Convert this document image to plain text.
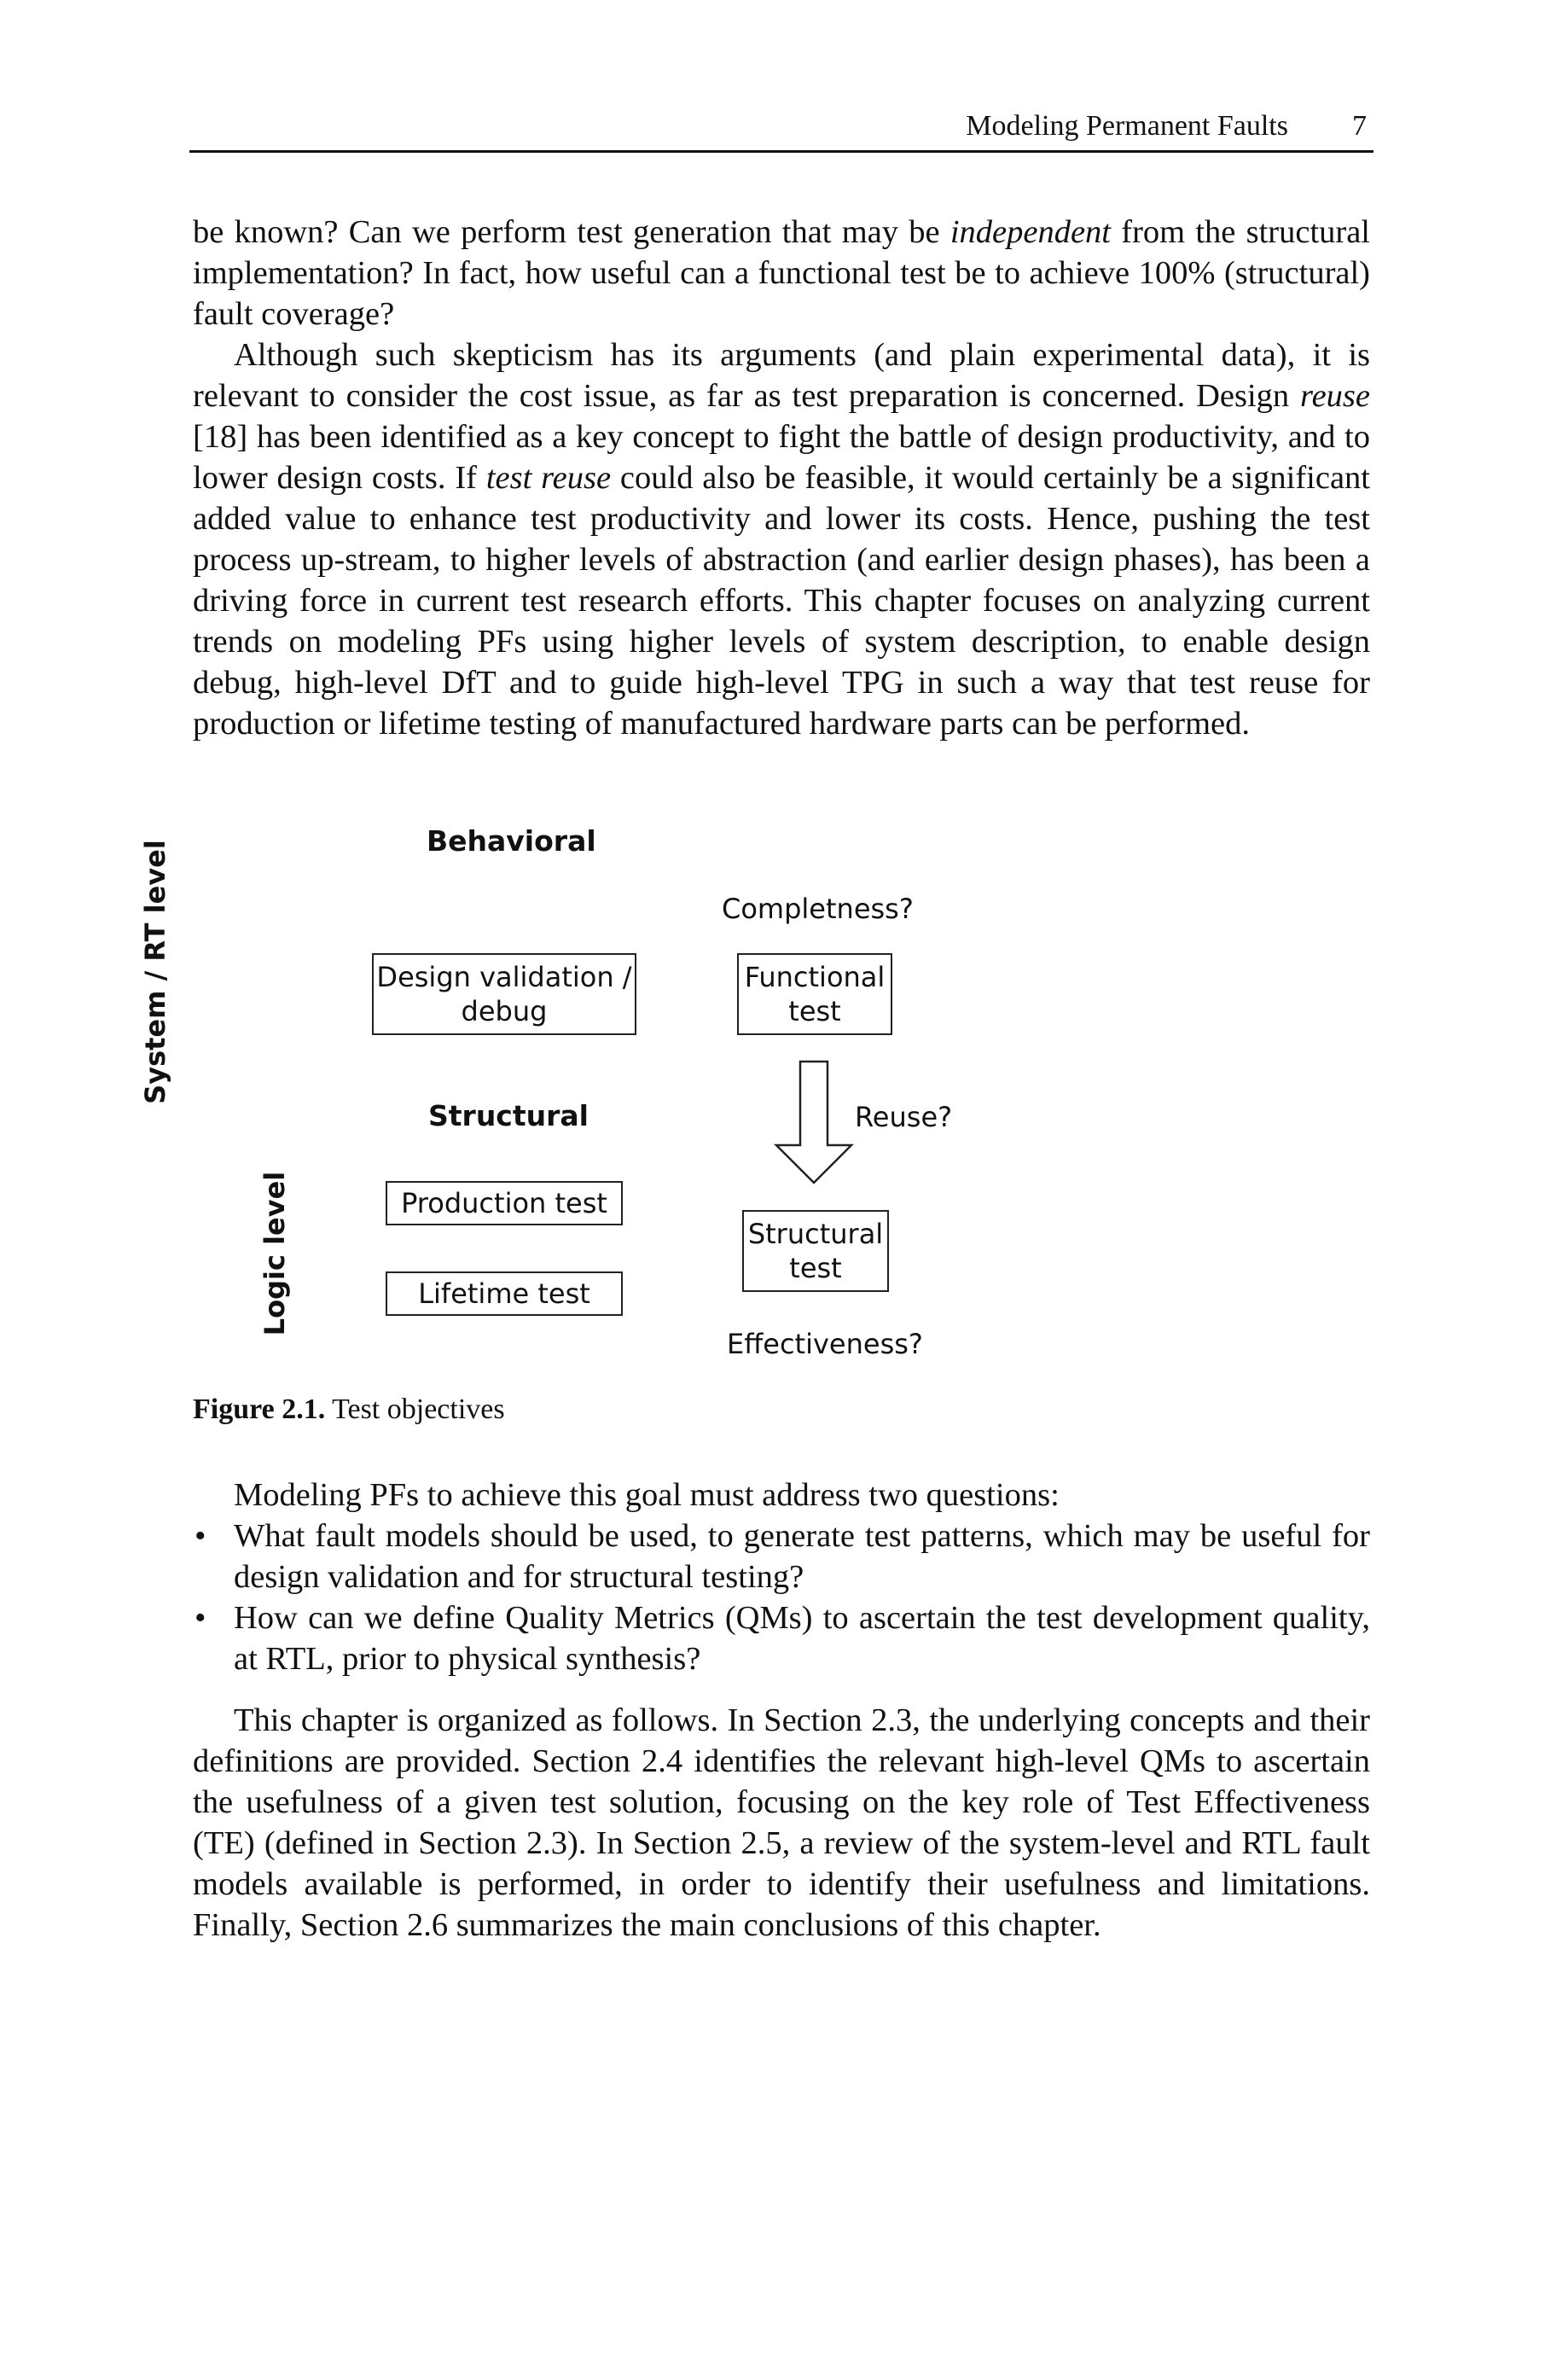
Modeling Permanent Faults 7

be known? Can we perform test generation that may be independent from the structural implementation? In fact, how useful can a functional test be to achieve 100% (structural) fault coverage?

Although such skepticism has its arguments (and plain experimental data), it is relevant to consider the cost issue, as far as test preparation is concerned. Design reuse [18] has been identified as a key concept to fight the battle of design productivity, and to lower design costs. If test reuse could also be feasible, it would certainly be a significant added value to enhance test productivity and lower its costs. Hence, pushing the test process up-stream, to higher levels of abstraction (and earlier design phases), has been a driving force in current test research efforts. This chapter focuses on analyzing current trends on modeling PFs using higher levels of system description, to enable design debug, high-level DfT and to guide high-level TPG in such a way that test reuse for production or lifetime testing of manufactured hardware parts can be performed.

System / RT level
Logic level
Behavioral
Structural
Design validation /
debug
Production test
Lifetime test
Completness?
Functional
test
Reuse?
Structural
test
Effectiveness?
Figure 2.1. Test objectives

Modeling PFs to achieve this goal must address two questions:

• What fault models should be used, to generate test patterns, which may be useful for design validation and for structural testing?
• How can we define Quality Metrics (QMs) to ascertain the test development quality, at RTL, prior to physical synthesis?

This chapter is organized as follows. In Section 2.3, the underlying concepts and their definitions are provided. Section 2.4 identifies the relevant high-level QMs to ascertain the usefulness of a given test solution, focusing on the key role of Test Effectiveness (TE) (defined in Section 2.3). In Section 2.5, a review of the system-level and RTL fault models available is performed, in order to identify their usefulness and limitations. Finally, Section 2.6 summarizes the main conclusions of this chapter.
